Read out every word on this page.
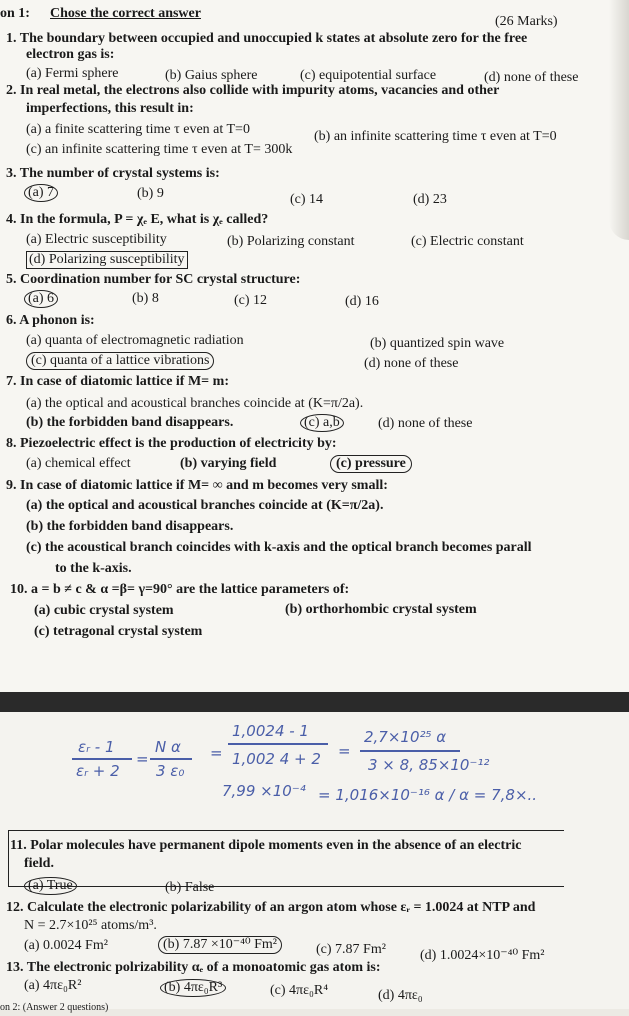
on 1: Chose the correct answer
(26 Marks)
1. The boundary between occupied and unoccupied k states at absolute zero for the free
electron gas is:
(a) Fermi sphere	(b) Gaius sphere	(c) equipotential surface	(d) none of these
2. In real metal, the electrons also collide with impurity atoms, vacancies and other
imperfections, this result in:
(a) a finite scattering time τ even at T=0	(b) an infinite scattering time τ even at T=0
(c) an infinite scattering time τ even at T= 300k
3. The number of crystal systems is:
(a) 7	(b) 9	(c) 14	(d) 23
4. In the formula, P = χₑ E, what is χₑ called?
(a) Electric susceptibility	(b) Polarizing constant	(c) Electric constant
(d) Polarizing susceptibility
5. Coordination number for SC crystal structure:
(a) 6	(b) 8	(c) 12	(d) 16
6. A phonon is:
(a) quanta of electromagnetic radiation	(b) quantized spin wave
(c) quanta of a lattice vibrations	(d) none of these
7. In case of diatomic lattice if M= m:
(a) the optical and acoustical branches coincide at (K=π/2a).
(b) the forbidden band disappears.	(c) a,b	(d) none of these
8. Piezoelectric effect is the production of electricity by:
(a) chemical effect	(b) varying field	(c) pressure
9. In case of diatomic lattice if M= ∞ and m becomes very small:
(a) the optical and acoustical branches coincide at (K=π/2a).
(b) the forbidden band disappears.
(c) the acoustical branch coincides with k-axis and the optical branch becomes parall
to the k-axis.
10. a = b ≠ c & α =β= γ=90° are the lattice parameters of:
(a) cubic crystal system	(b) orthorhombic crystal system
(c) tetragonal crystal system
εᵣ - 1
εᵣ + 2
=
N α
3 ε₀
=
1,0024 - 1
1,002 4 + 2 =
2,7×10²⁵ α
3 × 8, 85×10⁻¹²
7,99 ×10⁻⁴ = 1,016×10⁻¹⁶ α / α = 7,8×..
11. Polar molecules have permanent dipole moments even in the absence of an electric
field.
(a) True	(b) False
12. Calculate the electronic polarizability of an argon atom whose εᵣ = 1.0024 at NTP and
N = 2.7×10²⁵ atoms/m³.
(a) 0.0024 Fm²	(b) 7.87 ×10⁻⁴⁰ Fm²	(c) 7.87 Fm² (d) 1.0024×10⁻⁴⁰ Fm²
13. The electronic polrizability αₑ of a monoatomic gas atom is:
(a) 4πε₀R²	(b) 4πε₀R³	(c) 4πε₀R⁴	(d) 4πε₀
on 2: (Answer 2 questions)
